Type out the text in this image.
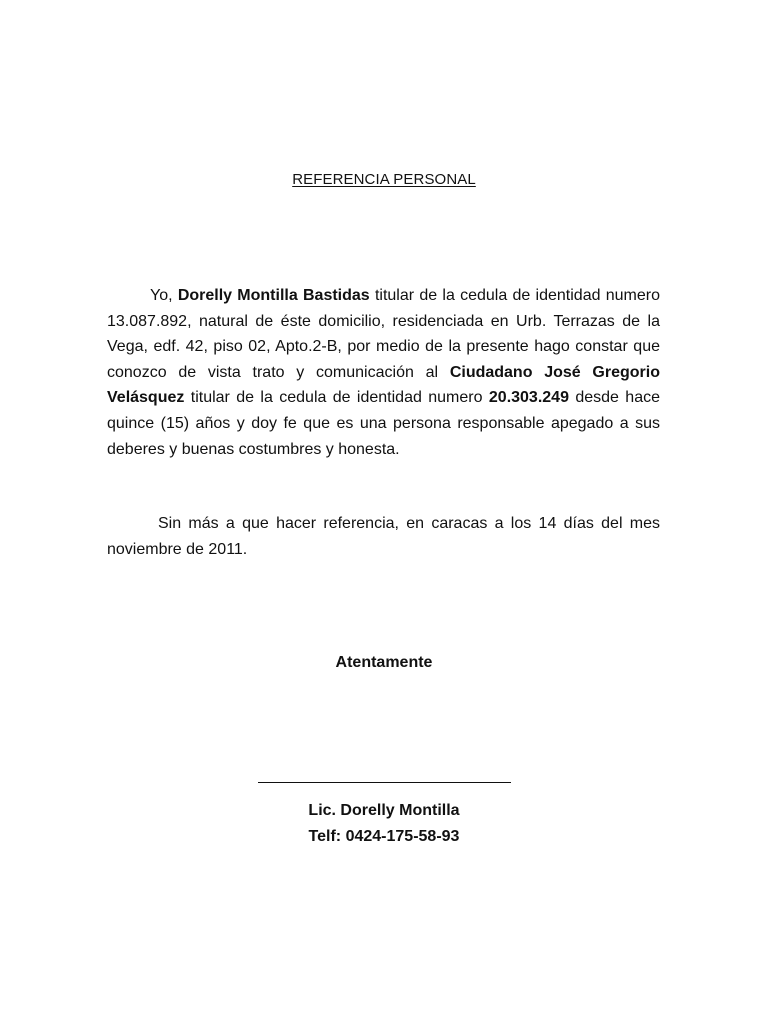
REFERENCIA PERSONAL

Yo, Dorelly Montilla Bastidas titular de la cedula de identidad numero 13.087.892, natural de éste domicilio, residenciada en Urb. Terrazas de la Vega, edf. 42, piso 02, Apto.2-B, por medio de la presente hago constar que conozco de vista trato y comunicación al Ciudadano José Gregorio Velásquez titular de la cedula de identidad numero 20.303.249 desde hace quince (15) años y doy fe que es una persona responsable apegado a sus deberes y buenas costumbres y honesta.

Sin más a que hacer referencia, en caracas a los 14 días del mes noviembre de 2011.

Atentamente
Lic. Dorelly Montilla
Telf: 0424-175-58-93
